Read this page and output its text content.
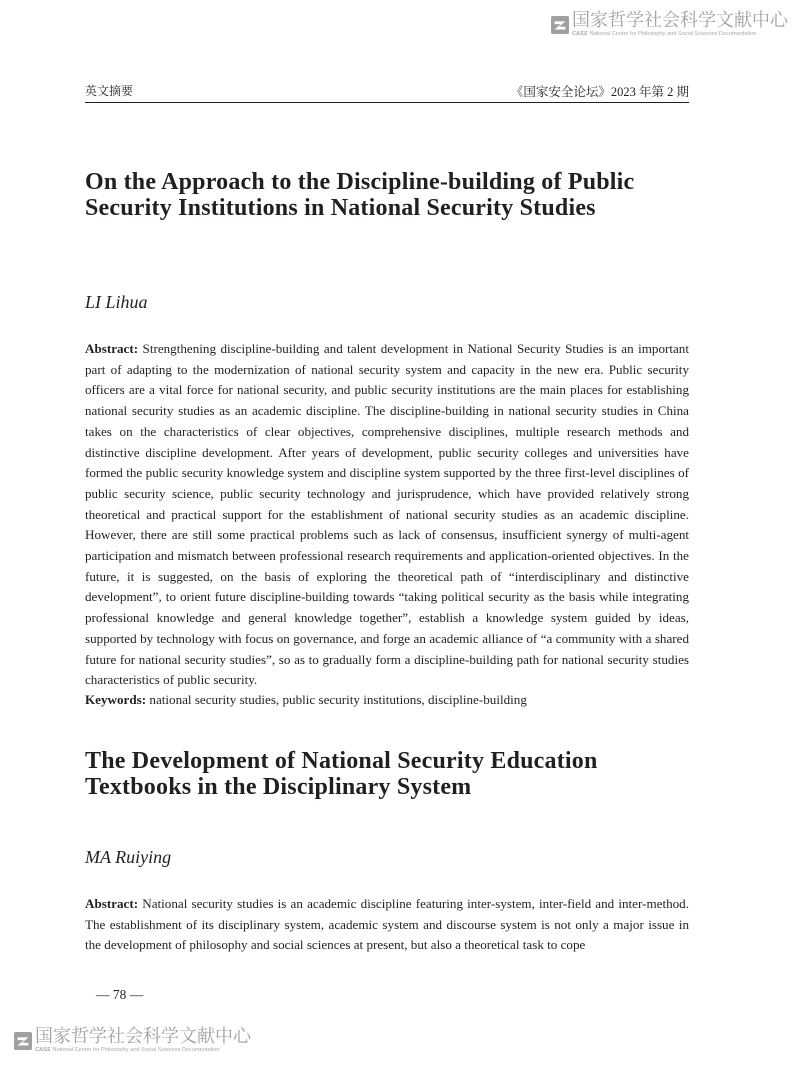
国家哲学社会科学文献中心
CASS National Center for Philosophy and Social Sciences Documentation
英文摘要	《国家安全论坛》2023 年第 2 期
On the Approach to the Discipline-building of Public Security Institutions in National Security Studies

LI Lihua

Abstract: Strengthening discipline-building and talent development in National Security Studies is an important part of adapting to the modernization of national security system and capacity in the new era. Public security officers are a vital force for national security, and public security institutions are the main places for establishing national security studies as an academic discipline. The discipline-building in national security studies in China takes on the characteristics of clear objectives, comprehensive disciplines, multiple research methods and distinctive discipline development. After years of development, public security colleges and universities have formed the public security knowledge system and discipline system supported by the three first-level disciplines of public security science, public security technology and jurisprudence, which have provided relatively strong theoretical and practical support for the establishment of national security studies as an academic discipline. However, there are still some practical problems such as lack of consensus, insufficient synergy of multi-agent participation and mismatch between professional research requirements and application-oriented objectives. In the future, it is suggested, on the basis of exploring the theoretical path of “interdisciplinary and distinctive development”, to orient future discipline-building towards “taking political security as the basis while integrating professional knowledge and general knowledge together”, establish a knowledge system guided by ideas, supported by technology with focus on governance, and forge an academic alliance of “a community with a shared future for national security studies”, so as to gradually form a discipline-building path for national security studies characteristics of public security.

Keywords: national security studies, public security institutions, discipline-building

The Development of National Security Education Textbooks in the Disciplinary System

MA Ruiying

Abstract: National security studies is an academic discipline featuring inter-system, inter-field and inter-method. The establishment of its disciplinary system, academic system and discourse system is not only a major issue in the development of philosophy and social sciences at present, but also a theoretical task to cope

— 78 —
国家哲学社会科学文献中心
CASS National Center for Philosophy and Social Sciences Documentation
